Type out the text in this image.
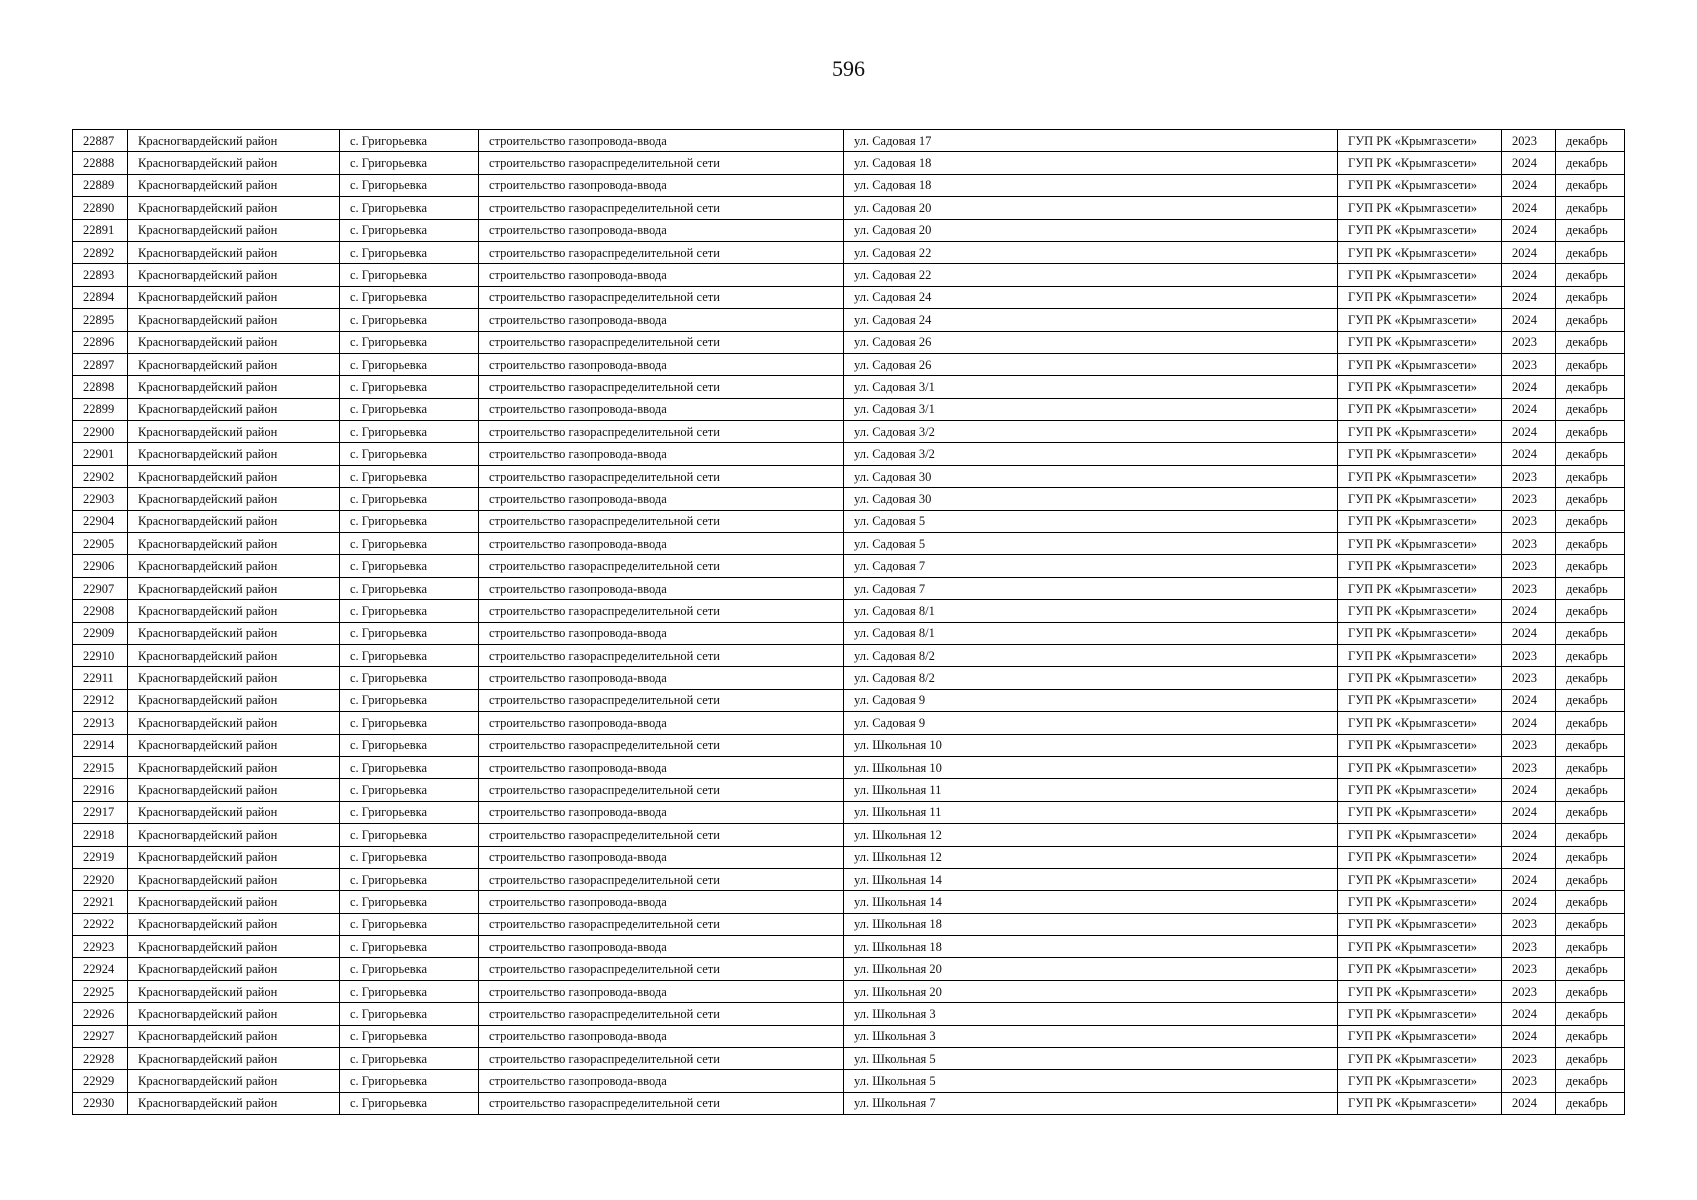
596
22887	Красногвардейский район	с. Григорьевка	строительство газопровода-ввода	ул. Садовая 17	ГУП РК «Крымгазсети»	2023	декабрь
22888	Красногвардейский район	с. Григорьевка	строительство газораспределительной сети	ул. Садовая 18	ГУП РК «Крымгазсети»	2024	декабрь
22889	Красногвардейский район	с. Григорьевка	строительство газопровода-ввода	ул. Садовая 18	ГУП РК «Крымгазсети»	2024	декабрь
22890	Красногвардейский район	с. Григорьевка	строительство газораспределительной сети	ул. Садовая 20	ГУП РК «Крымгазсети»	2024	декабрь
22891	Красногвардейский район	с. Григорьевка	строительство газопровода-ввода	ул. Садовая 20	ГУП РК «Крымгазсети»	2024	декабрь
22892	Красногвардейский район	с. Григорьевка	строительство газораспределительной сети	ул. Садовая 22	ГУП РК «Крымгазсети»	2024	декабрь
22893	Красногвардейский район	с. Григорьевка	строительство газопровода-ввода	ул. Садовая 22	ГУП РК «Крымгазсети»	2024	декабрь
22894	Красногвардейский район	с. Григорьевка	строительство газораспределительной сети	ул. Садовая 24	ГУП РК «Крымгазсети»	2024	декабрь
22895	Красногвардейский район	с. Григорьевка	строительство газопровода-ввода	ул. Садовая 24	ГУП РК «Крымгазсети»	2024	декабрь
22896	Красногвардейский район	с. Григорьевка	строительство газораспределительной сети	ул. Садовая 26	ГУП РК «Крымгазсети»	2023	декабрь
22897	Красногвардейский район	с. Григорьевка	строительство газопровода-ввода	ул. Садовая 26	ГУП РК «Крымгазсети»	2023	декабрь
22898	Красногвардейский район	с. Григорьевка	строительство газораспределительной сети	ул. Садовая 3/1	ГУП РК «Крымгазсети»	2024	декабрь
22899	Красногвардейский район	с. Григорьевка	строительство газопровода-ввода	ул. Садовая 3/1	ГУП РК «Крымгазсети»	2024	декабрь
22900	Красногвардейский район	с. Григорьевка	строительство газораспределительной сети	ул. Садовая 3/2	ГУП РК «Крымгазсети»	2024	декабрь
22901	Красногвардейский район	с. Григорьевка	строительство газопровода-ввода	ул. Садовая 3/2	ГУП РК «Крымгазсети»	2024	декабрь
22902	Красногвардейский район	с. Григорьевка	строительство газораспределительной сети	ул. Садовая 30	ГУП РК «Крымгазсети»	2023	декабрь
22903	Красногвардейский район	с. Григорьевка	строительство газопровода-ввода	ул. Садовая 30	ГУП РК «Крымгазсети»	2023	декабрь
22904	Красногвардейский район	с. Григорьевка	строительство газораспределительной сети	ул. Садовая 5	ГУП РК «Крымгазсети»	2023	декабрь
22905	Красногвардейский район	с. Григорьевка	строительство газопровода-ввода	ул. Садовая 5	ГУП РК «Крымгазсети»	2023	декабрь
22906	Красногвардейский район	с. Григорьевка	строительство газораспределительной сети	ул. Садовая 7	ГУП РК «Крымгазсети»	2023	декабрь
22907	Красногвардейский район	с. Григорьевка	строительство газопровода-ввода	ул. Садовая 7	ГУП РК «Крымгазсети»	2023	декабрь
22908	Красногвардейский район	с. Григорьевка	строительство газораспределительной сети	ул. Садовая 8/1	ГУП РК «Крымгазсети»	2024	декабрь
22909	Красногвардейский район	с. Григорьевка	строительство газопровода-ввода	ул. Садовая 8/1	ГУП РК «Крымгазсети»	2024	декабрь
22910	Красногвардейский район	с. Григорьевка	строительство газораспределительной сети	ул. Садовая 8/2	ГУП РК «Крымгазсети»	2023	декабрь
22911	Красногвардейский район	с. Григорьевка	строительство газопровода-ввода	ул. Садовая 8/2	ГУП РК «Крымгазсети»	2023	декабрь
22912	Красногвардейский район	с. Григорьевка	строительство газораспределительной сети	ул. Садовая 9	ГУП РК «Крымгазсети»	2024	декабрь
22913	Красногвардейский район	с. Григорьевка	строительство газопровода-ввода	ул. Садовая 9	ГУП РК «Крымгазсети»	2024	декабрь
22914	Красногвардейский район	с. Григорьевка	строительство газораспределительной сети	ул. Школьная 10	ГУП РК «Крымгазсети»	2023	декабрь
22915	Красногвардейский район	с. Григорьевка	строительство газопровода-ввода	ул. Школьная 10	ГУП РК «Крымгазсети»	2023	декабрь
22916	Красногвардейский район	с. Григорьевка	строительство газораспределительной сети	ул. Школьная 11	ГУП РК «Крымгазсети»	2024	декабрь
22917	Красногвардейский район	с. Григорьевка	строительство газопровода-ввода	ул. Школьная 11	ГУП РК «Крымгазсети»	2024	декабрь
22918	Красногвардейский район	с. Григорьевка	строительство газораспределительной сети	ул. Школьная 12	ГУП РК «Крымгазсети»	2024	декабрь
22919	Красногвардейский район	с. Григорьевка	строительство газопровода-ввода	ул. Школьная 12	ГУП РК «Крымгазсети»	2024	декабрь
22920	Красногвардейский район	с. Григорьевка	строительство газораспределительной сети	ул. Школьная 14	ГУП РК «Крымгазсети»	2024	декабрь
22921	Красногвардейский район	с. Григорьевка	строительство газопровода-ввода	ул. Школьная 14	ГУП РК «Крымгазсети»	2024	декабрь
22922	Красногвардейский район	с. Григорьевка	строительство газораспределительной сети	ул. Школьная 18	ГУП РК «Крымгазсети»	2023	декабрь
22923	Красногвардейский район	с. Григорьевка	строительство газопровода-ввода	ул. Школьная 18	ГУП РК «Крымгазсети»	2023	декабрь
22924	Красногвардейский район	с. Григорьевка	строительство газораспределительной сети	ул. Школьная 20	ГУП РК «Крымгазсети»	2023	декабрь
22925	Красногвардейский район	с. Григорьевка	строительство газопровода-ввода	ул. Школьная 20	ГУП РК «Крымгазсети»	2023	декабрь
22926	Красногвардейский район	с. Григорьевка	строительство газораспределительной сети	ул. Школьная 3	ГУП РК «Крымгазсети»	2024	декабрь
22927	Красногвардейский район	с. Григорьевка	строительство газопровода-ввода	ул. Школьная 3	ГУП РК «Крымгазсети»	2024	декабрь
22928	Красногвардейский район	с. Григорьевка	строительство газораспределительной сети	ул. Школьная 5	ГУП РК «Крымгазсети»	2023	декабрь
22929	Красногвардейский район	с. Григорьевка	строительство газопровода-ввода	ул. Школьная 5	ГУП РК «Крымгазсети»	2023	декабрь
22930	Красногвардейский район	с. Григорьевка	строительство газораспределительной сети	ул. Школьная 7	ГУП РК «Крымгазсети»	2024	декабрь
